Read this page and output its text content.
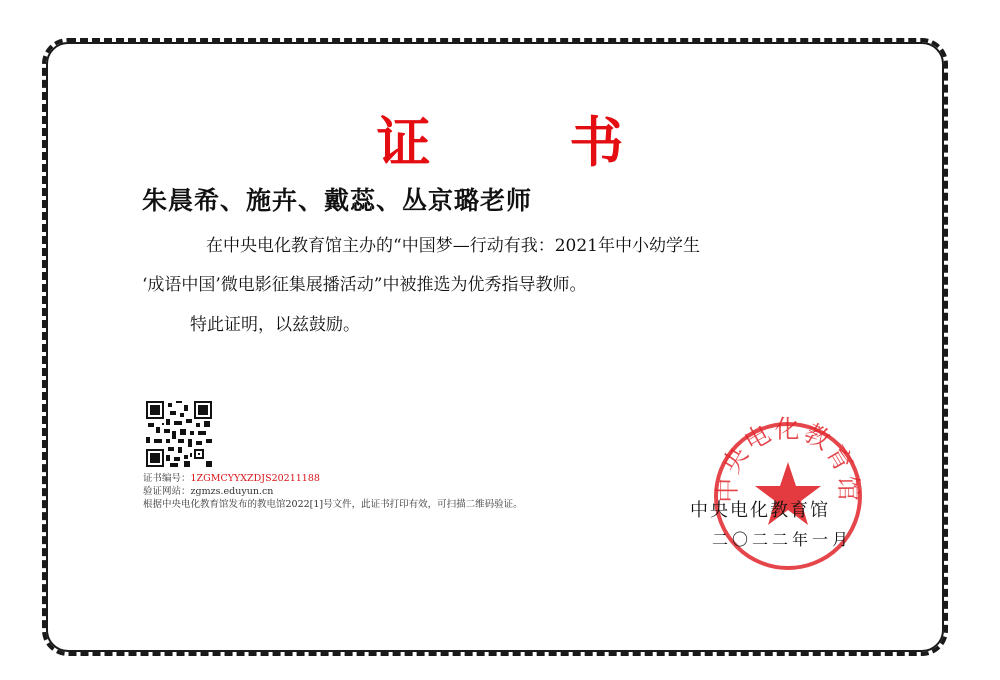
证 书
朱晨希、施卉、戴蕊、丛京璐老师
在中央电化教育馆主办的“中国梦—行动有我：2021年中小幼学生
‘成语中国’微电影征集展播活动”中被推选为优秀指导教师。
特此证明，以兹鼓励。
证书编号：1ZGMCYYXZDJS20211188
验证网站：zgmzs.eduyun.cn
根据中央电化教育馆发布的教电馆2022[1]号文件，此证书打印有效，可扫描二维码验证。
中央电化教育馆
中央电化教育馆
二〇二二年一月
